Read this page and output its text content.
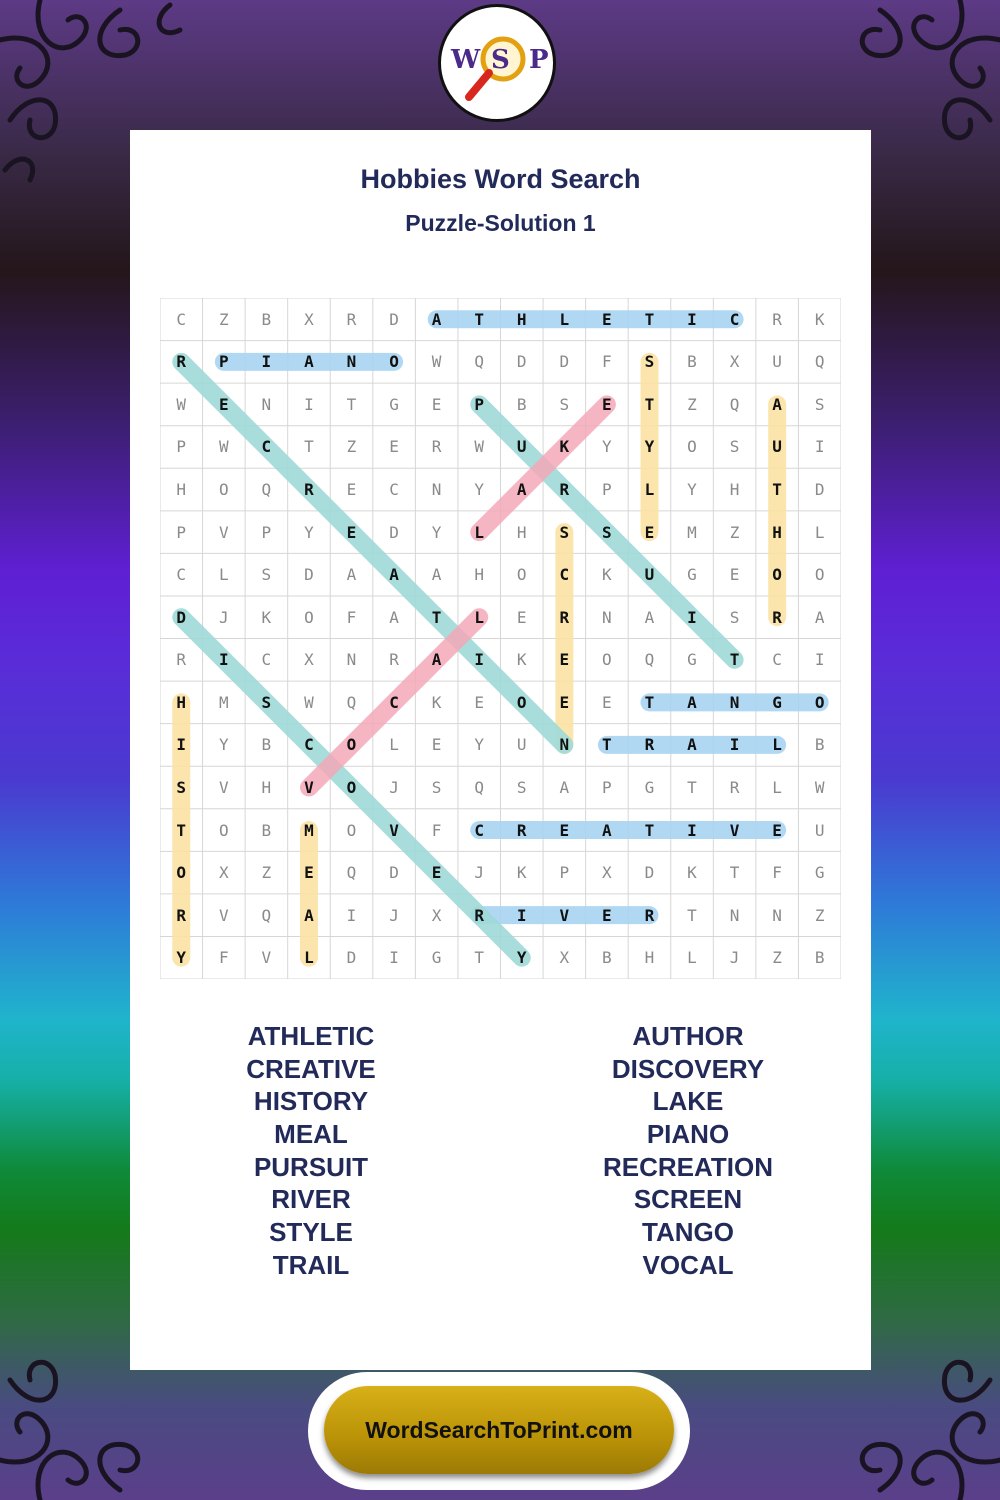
W S P
Hobbies Word Search
Puzzle-Solution 1
C	Z	B	X	R	D	A	T	H	L	E	T	I	C	R	K
R	P	I	A	N	O	W	Q	D	D	F	S	B	X	U	Q
W	E	N	I	T	G	E	P	B	S	E	T	Z	Q	A	S
P	W	C	T	Z	E	R	W	U	K	Y	Y	O	S	U	I
H	O	Q	R	E	C	N	Y	A	R	P	L	Y	H	T	D
P	V	P	Y	E	D	Y	L	H	S	S	E	M	Z	H	L
C	L	S	D	A	A	A	H	O	C	K	U	G	E	O	O
D	J	K	O	F	A	T	L	E	R	N	A	I	S	R	A
R	I	C	X	N	R	A	I	K	E	O	Q	G	T	C	I
H	M	S	W	Q	C	K	E	O	E	E	T	A	N	G	O
I	Y	B	C	O	L	E	Y	U	N	T	R	A	I	L	B
S	V	H	V	O	J	S	Q	S	A	P	G	T	R	L	W
T	O	B	M	O	V	F	C	R	E	A	T	I	V	E	U
O	X	Z	E	Q	D	E	J	K	P	X	D	K	T	F	G
R	V	Q	A	I	J	X	R	I	V	E	R	T	N	N	Z
Y	F	V	L	D	I	G	T	Y	X	B	H	L	J	Z	B
ATHLETIC
CREATIVE
HISTORY
MEAL
PURSUIT
RIVER
STYLE
TRAIL
AUTHOR
DISCOVERY
LAKE
PIANO
RECREATION
SCREEN
TANGO
VOCAL
WordSearchToPrint.com
